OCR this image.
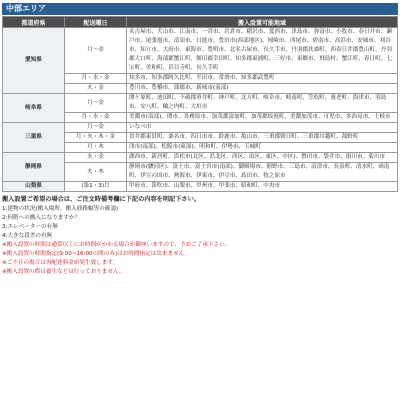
中部エリア
都道府県	配送曜日	搬入設置可能地域
愛知県	月～金	名古屋市、犬山市、江南市、一宮市、岩倉市、稲沢市、愛西市、津島市、弥富市、小牧市、春日井市、瀬戸市、尾張旭市、清須市、日進市、豊田市(西部地区)、岡崎市、西尾市、碧南市、高浜市、安城市、刈谷市、知立市、大府市、東海市、豊明市、北名古屋市、長久手市、丹羽郡扶桑町、西春日井郡豊山町、丹羽郡大口町、海部郡蟹江町、額田郡幸田町、知多郡東浦町、三好市、東郷市、飛島村、蟹江町、春日町、七宝町、美和町、甚目寺町、長久手町
	月・水・金	知多市、知多郡阿久比町、半田市、常滑市、知多郡武豊町
	火・金	豊川市、豊橋市、蒲郡市、新城市(南部)
岐阜県	月～金	関ケ原町、池田町、不破郡垂井町、神戸町、北方町、岐阜市、岐南町、笠松町、養老町、海津市、羽島市、安八町、輪之内町、大垣市
	月・水・金	美濃市(南部)、関市、各務原市、加茂郡富加町、加茂郡坂祝町、美濃加茂市、可児市、多治見市、土岐市
三重県	月～金	いなべ市
	月・火・木・金	員弁郡東員町、桑名市、四日市市、鈴鹿市、亀山市、三重郡朝日町、三重郡川越町、菰野町
	月・木	津市(南部)、松阪市(東部)、明和町、伊勢市、玉城町
静岡県	火・金	湖西市、新居町、浜松市(北区、浜北区、西区、南区、東区、中区)、磐田市、袋井市、掛川市、菊川市
	火・木	静岡市(駿河区)、富士市、富士宮市(南部)、御殿場市、裾野市、三島市、沼津市、長泉町、清水町、函南町、伊豆の国市、熱海市、伊東市、伊豆市、島田市、牧之原市
山梨県	(第1・3)月	甲府市、笛吹市、山梨市、甲州市、甲斐市、昭和町、中央市
搬入設置ご希望の場合は、ご注文時備考欄に下記の内容を明記下さい。
1:建物の状況(搬入場所、搬入経路幅等の確認)
2:何階への搬入になりますか？
3:エレベーターの有無
4:大きな段差の有無
※搬入設置の時間は通常以上にお時間がかかる場合が御座いますので、予めご了承下さい。
※搬入設置の時間指定(9:00~16:00の間のみ)はお時間指定は出来ません。
※ご不在の場合は再配達料金が発生致します。
※搬入設置の際は養生などは行っておりません。
